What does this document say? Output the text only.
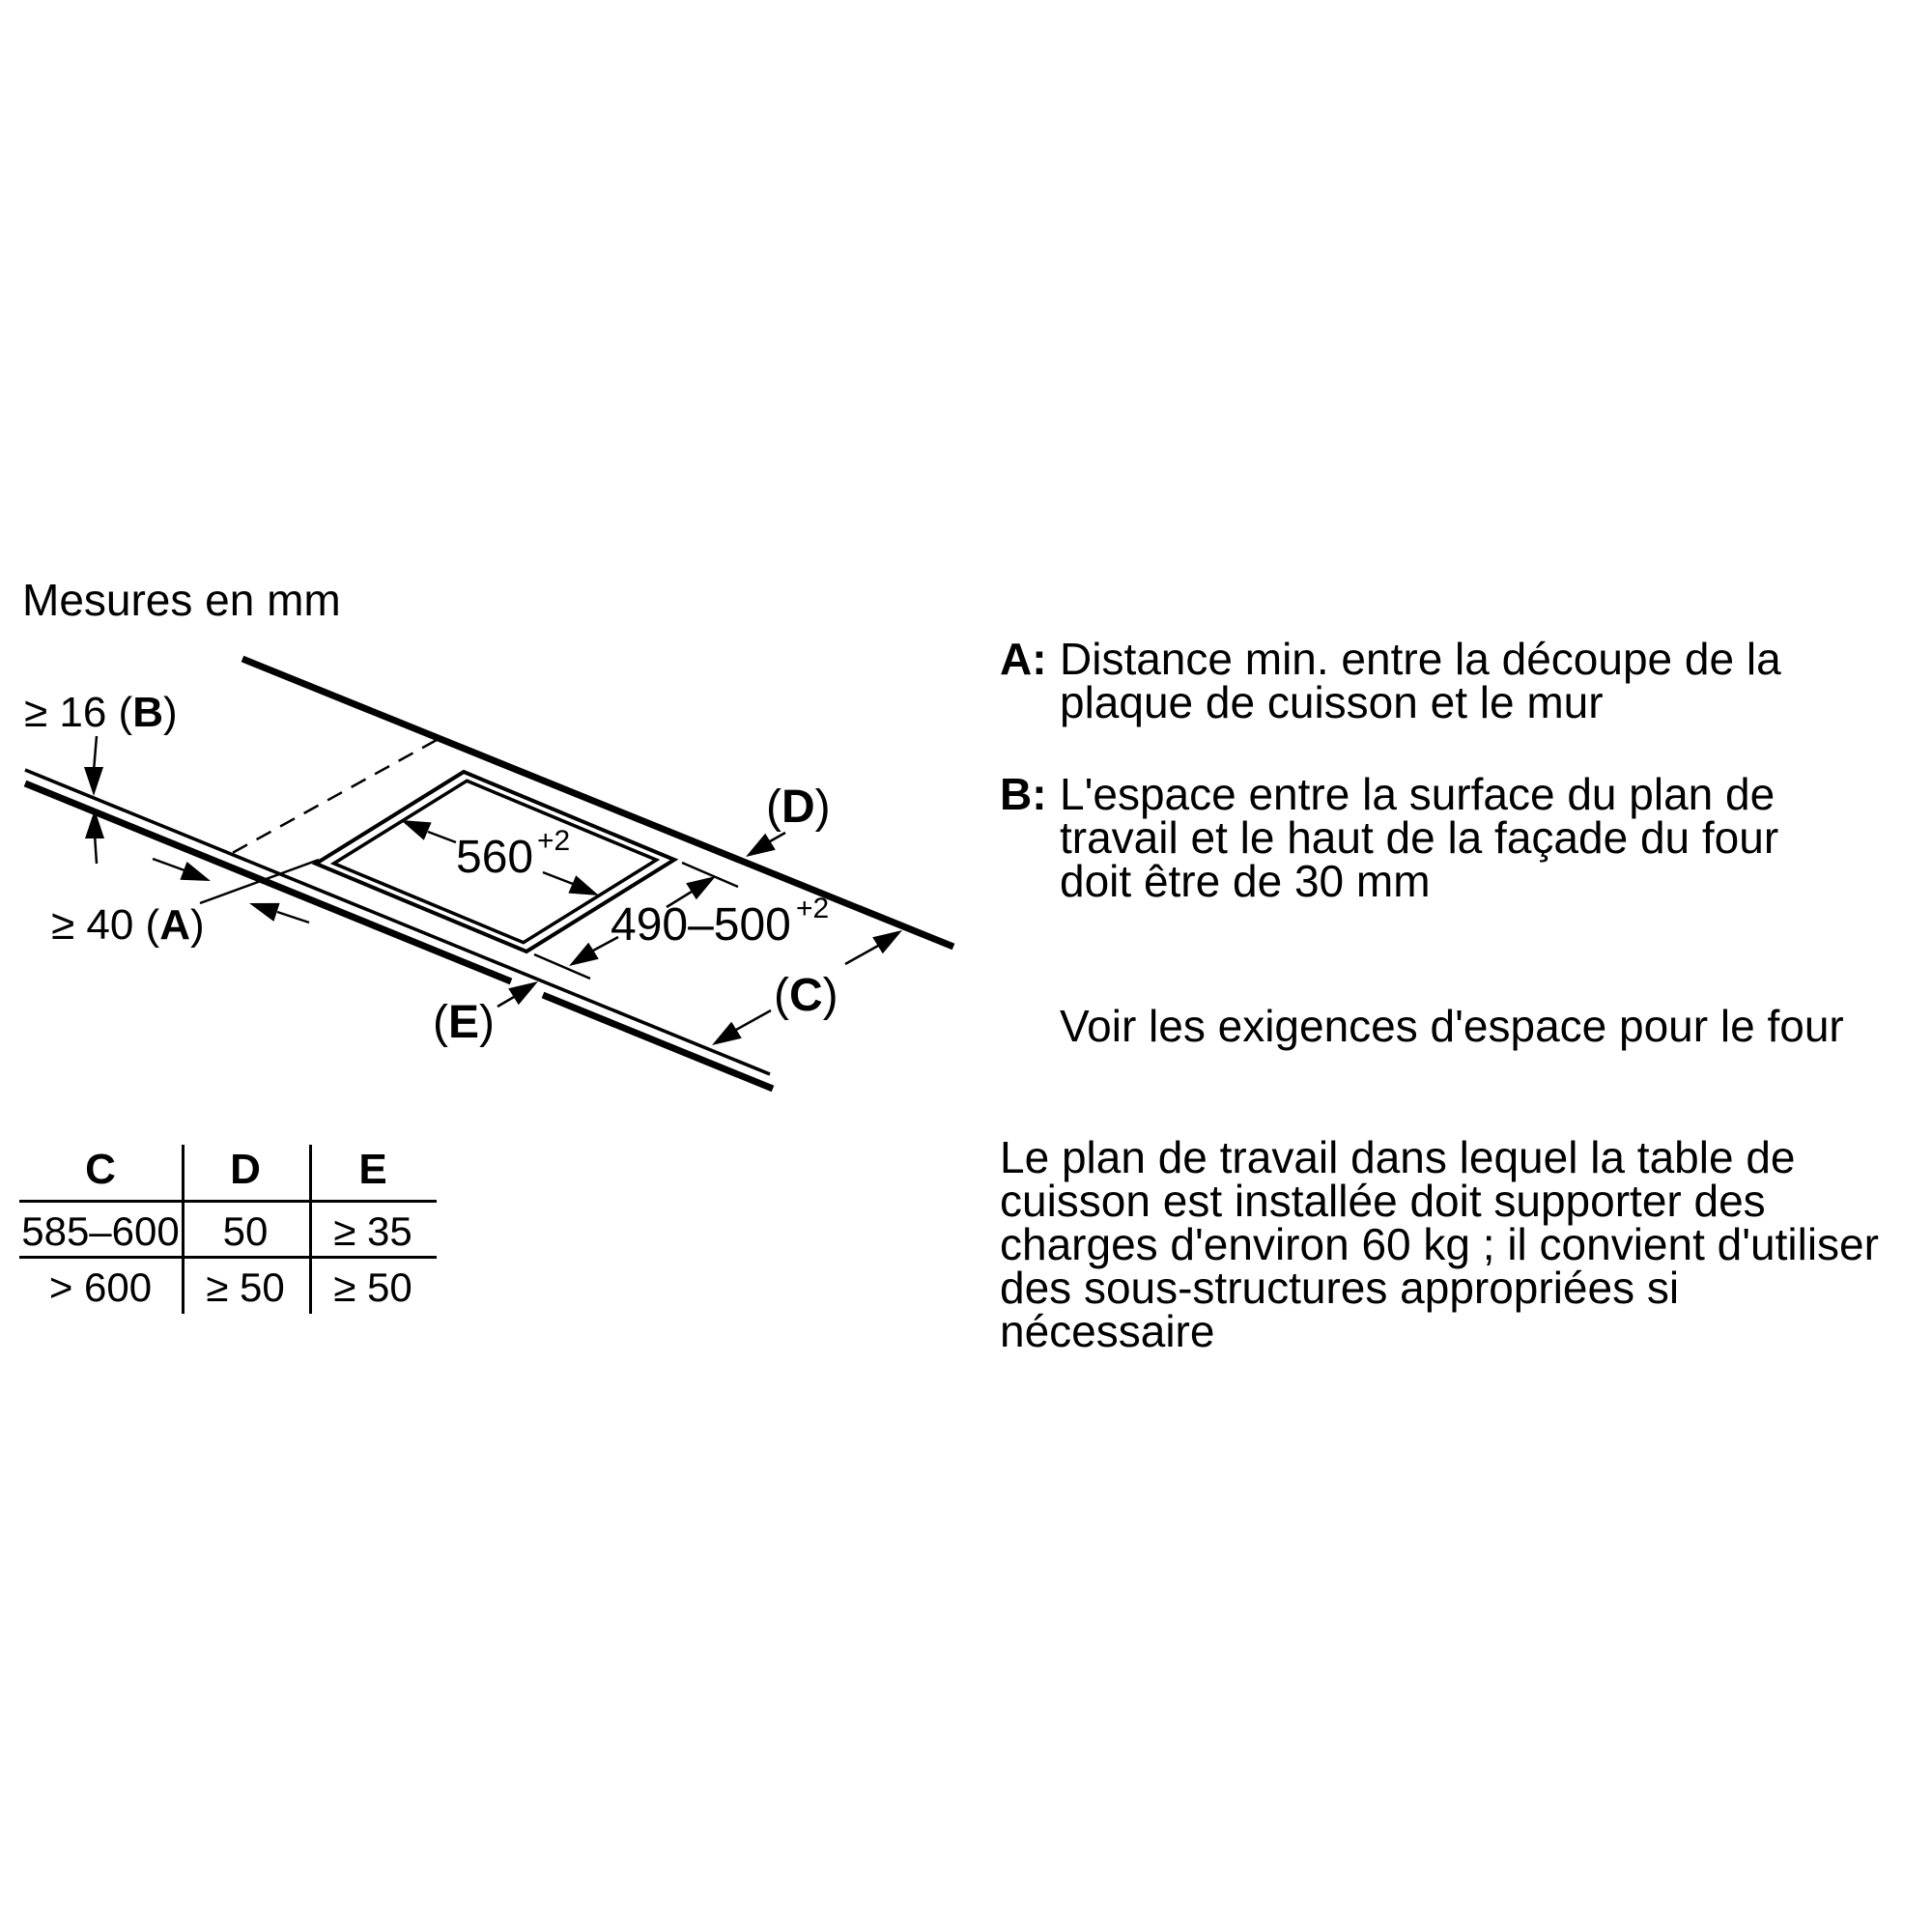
Mesures en mm
≥ 16 (B)
≥ 40 (A)
560 +2
490–500 +2
(D)
(C)
(E)
C	D	E
585–600	50	≥ 35
> 600	≥ 50	≥ 50
A: Distance min. entre la découpe de la
plaque de cuisson et le mur
B: L'espace entre la surface du plan de
travail et le haut de la façade du four
doit être de 30 mm
Voir les exigences d'espace pour le four
Le plan de travail dans lequel la table de
cuisson est installée doit supporter des
charges d'environ 60 kg ; il convient d'utiliser
des sous-structures appropriées si
nécessaire
